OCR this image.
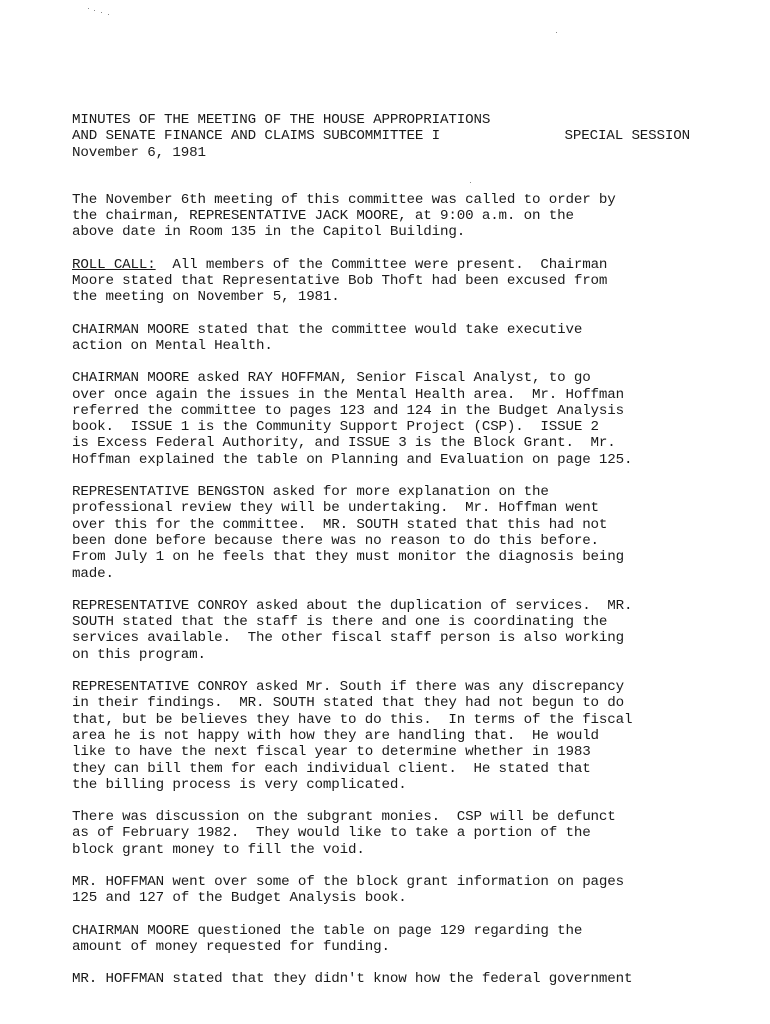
MINUTES OF THE MEETING OF THE HOUSE APPROPRIATIONS
AND SENATE FINANCE AND CLAIMS SUBCOMMITTEE I	SPECIAL SESSION
November 6, 1981
The November 6th meeting of this committee was called to order by
the chairman, REPRESENTATIVE JACK MOORE, at 9:00 a.m. on the
above date in Room 135 in the Capitol Building.
ROLL CALL:  All members of the Committee were present.  Chairman
Moore stated that Representative Bob Thoft had been excused from
the meeting on November 5, 1981.
CHAIRMAN MOORE stated that the committee would take executive
action on Mental Health.
CHAIRMAN MOORE asked RAY HOFFMAN, Senior Fiscal Analyst, to go
over once again the issues in the Mental Health area.  Mr. Hoffman
referred the committee to pages 123 and 124 in the Budget Analysis
book.  ISSUE 1 is the Community Support Project (CSP).  ISSUE 2
is Excess Federal Authority, and ISSUE 3 is the Block Grant.  Mr.
Hoffman explained the table on Planning and Evaluation on page 125.
REPRESENTATIVE BENGSTON asked for more explanation on the
professional review they will be undertaking.  Mr. Hoffman went
over this for the committee.  MR. SOUTH stated that this had not
been done before because there was no reason to do this before.
From July 1 on he feels that they must monitor the diagnosis being
made.
REPRESENTATIVE CONROY asked about the duplication of services.  MR.
SOUTH stated that the staff is there and one is coordinating the
services available.  The other fiscal staff person is also working
on this program.
REPRESENTATIVE CONROY asked Mr. South if there was any discrepancy
in their findings.  MR. SOUTH stated that they had not begun to do
that, but be believes they have to do this.  In terms of the fiscal
area he is not happy with how they are handling that.  He would
like to have the next fiscal year to determine whether in 1983
they can bill them for each individual client.  He stated that
the billing process is very complicated.
There was discussion on the subgrant monies.  CSP will be defunct
as of February 1982.  They would like to take a portion of the
block grant money to fill the void.
MR. HOFFMAN went over some of the block grant information on pages
125 and 127 of the Budget Analysis book.
CHAIRMAN MOORE questioned the table on page 129 regarding the
amount of money requested for funding.
MR. HOFFMAN stated that they didn't know how the federal government
